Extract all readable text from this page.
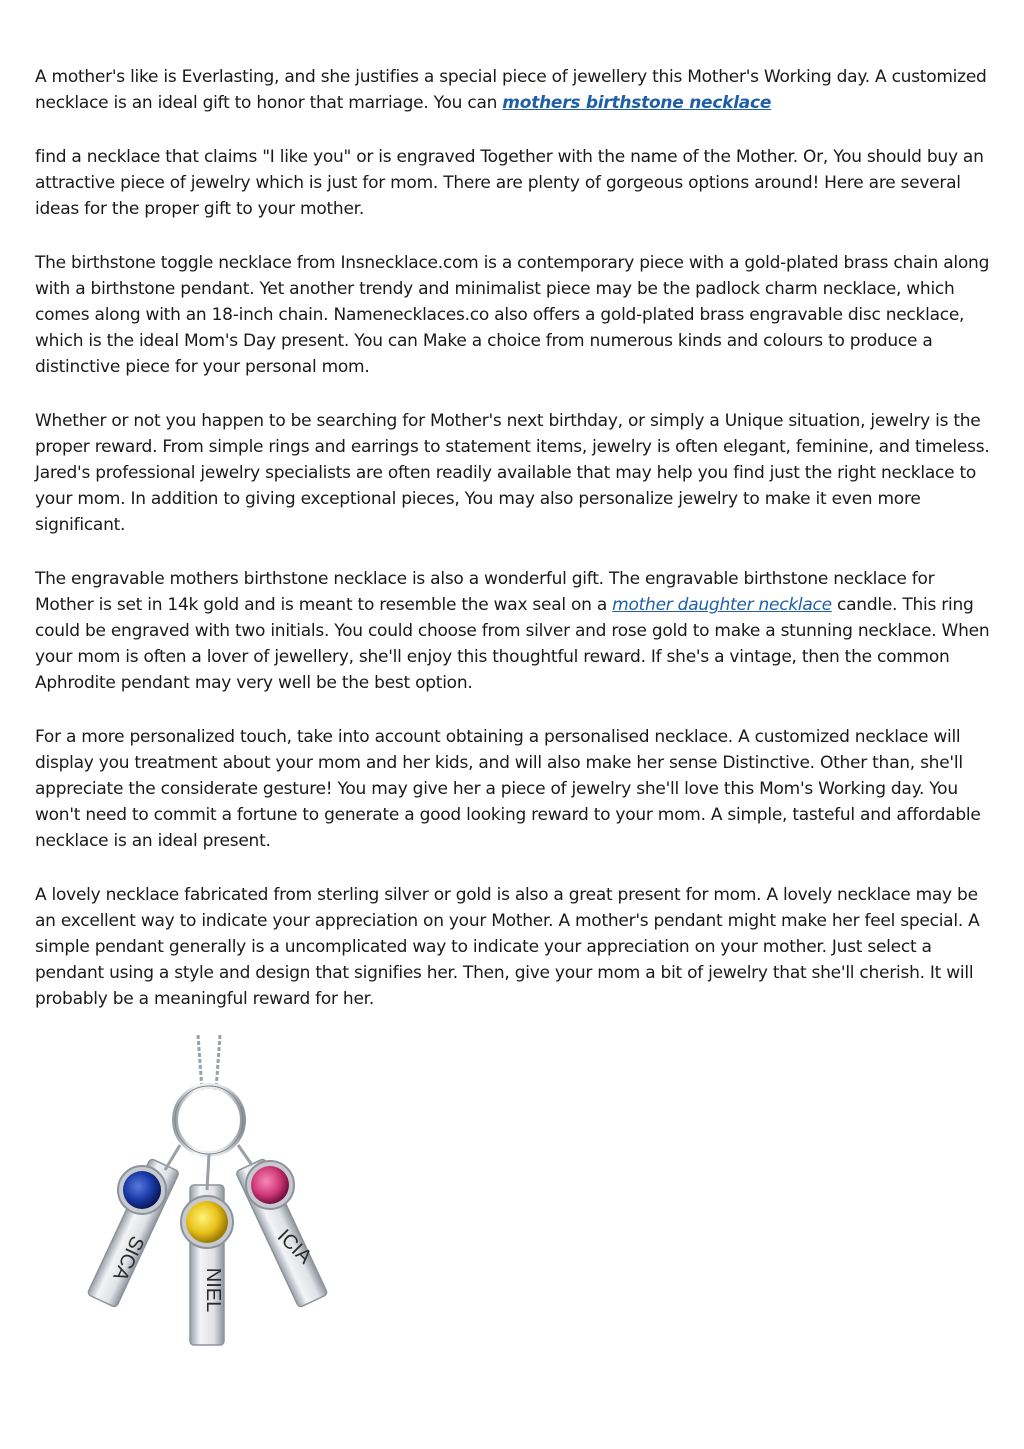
A mother's like is Everlasting, and she justifies a special piece of jewellery this Mother's Working day. A customized necklace is an ideal gift to honor that marriage. You can mothers birthstone necklace

find a necklace that claims "I like you" or is engraved Together with the name of the Mother. Or, You should buy an attractive piece of jewelry which is just for mom. There are plenty of gorgeous options around! Here are several ideas for the proper gift to your mother.

The birthstone toggle necklace from Insnecklace.com is a contemporary piece with a gold-plated brass chain along with a birthstone pendant. Yet another trendy and minimalist piece may be the padlock charm necklace, which comes along with an 18-inch chain. Namenecklaces.co also offers a gold-plated brass engravable disc necklace, which is the ideal Mom's Day present. You can Make a choice from numerous kinds and colours to produce a distinctive piece for your personal mom.

Whether or not you happen to be searching for Mother's next birthday, or simply a Unique situation, jewelry is the proper reward. From simple rings and earrings to statement items, jewelry is often elegant, feminine, and timeless. Jared's professional jewelry specialists are often readily available that may help you find just the right necklace to your mom. In addition to giving exceptional pieces, You may also personalize jewelry to make it even more significant.

The engravable mothers birthstone necklace is also a wonderful gift. The engravable birthstone necklace for Mother is set in 14k gold and is meant to resemble the wax seal on a mother daughter necklace candle. This ring could be engraved with two initials. You could choose from silver and rose gold to make a stunning necklace. When your mom is often a lover of jewellery, she'll enjoy this thoughtful reward. If she's a vintage, then the common Aphrodite pendant may very well be the best option.

For a more personalized touch, take into account obtaining a personalised necklace. A customized necklace will display you treatment about your mom and her kids, and will also make her sense Distinctive. Other than, she'll appreciate the considerate gesture! You may give her a piece of jewelry she'll love this Mom's Working day. You won't need to commit a fortune to generate a good looking reward to your mom. A simple, tasteful and affordable necklace is an ideal present.

A lovely necklace fabricated from sterling silver or gold is also a great present for mom. A lovely necklace may be an excellent way to indicate your appreciation on your Mother. A mother's pendant might make her feel special. A simple pendant generally is a uncomplicated way to indicate your appreciation on your mother. Just select a pendant using a style and design that signifies her. Then, give your mom a bit of jewelry that she'll cherish. It will probably be a meaningful reward for her.

SICA
NIEL
ICIA
